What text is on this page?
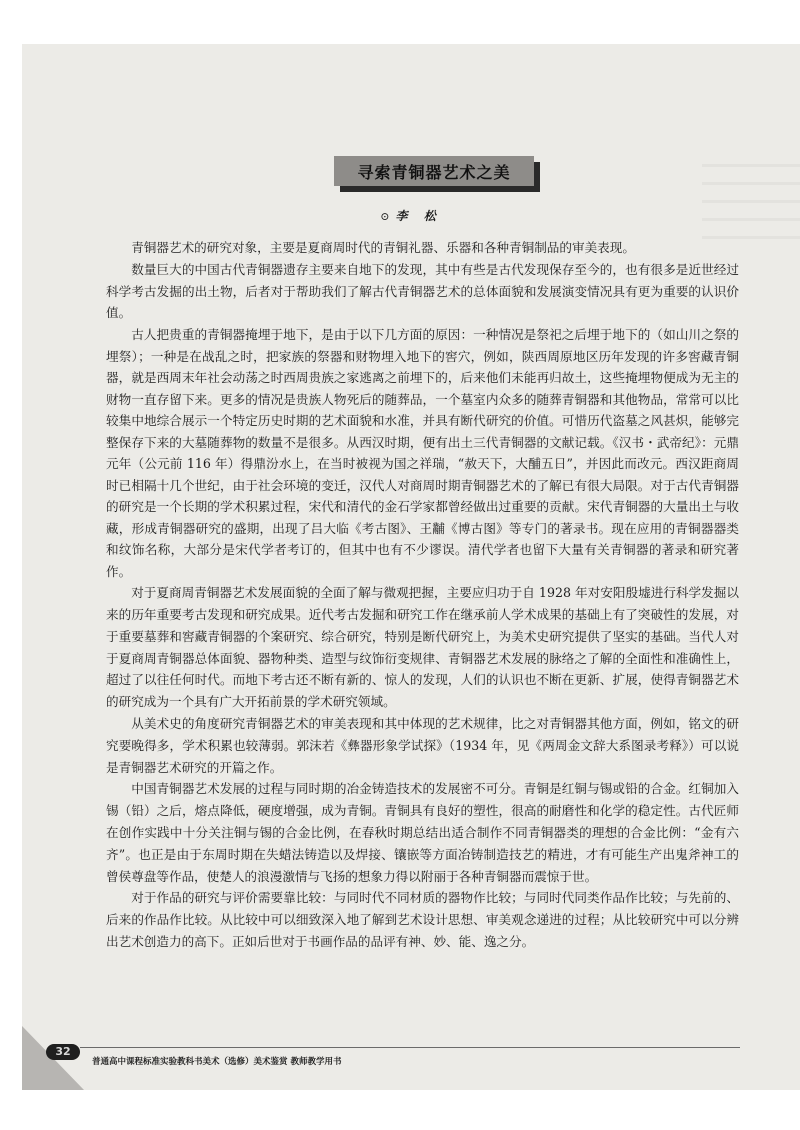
寻索青铜器艺术之美
⊙ 李 松

青铜器艺术的研究对象，主要是夏商周时代的青铜礼器、乐器和各种青铜制品的审美表现。

数量巨大的中国古代青铜器遗存主要来自地下的发现，其中有些是古代发现保存至今的，也有很多是近世经过科学考古发掘的出土物，后者对于帮助我们了解古代青铜器艺术的总体面貌和发展演变情况具有更为重要的认识价值。

古人把贵重的青铜器掩埋于地下，是由于以下几方面的原因：一种情况是祭祀之后埋于地下的（如山川之祭的埋祭）；一种是在战乱之时，把家族的祭器和财物埋入地下的窖穴，例如，陕西周原地区历年发现的许多窖藏青铜器，就是西周末年社会动荡之时西周贵族之家逃离之前埋下的，后来他们未能再归故土，这些掩埋物便成为无主的财物一直存留下来。更多的情况是贵族人物死后的随葬品，一个墓室内众多的随葬青铜器和其他物品，常常可以比较集中地综合展示一个特定历史时期的艺术面貌和水准，并具有断代研究的价值。可惜历代盗墓之风甚炽，能够完整保存下来的大墓随葬物的数量不是很多。从西汉时期，便有出土三代青铜器的文献记载。《汉书・武帝纪》：元鼎元年（公元前 116 年）得鼎汾水上，在当时被视为国之祥瑞，“赦天下，大酺五日”，并因此而改元。西汉距商周时已相隔十几个世纪，由于社会环境的变迁，汉代人对商周时期青铜器艺术的了解已有很大局限。对于古代青铜器的研究是一个长期的学术积累过程，宋代和清代的金石学家都曾经做出过重要的贡献。宋代青铜器的大量出土与收藏，形成青铜器研究的盛期，出现了吕大临《考古图》、王黼《博古图》等专门的著录书。现在应用的青铜器器类和纹饰名称，大部分是宋代学者考订的，但其中也有不少谬误。清代学者也留下大量有关青铜器的著录和研究著作。

对于夏商周青铜器艺术发展面貌的全面了解与微观把握，主要应归功于自 1928 年对安阳殷墟进行科学发掘以来的历年重要考古发现和研究成果。近代考古发掘和研究工作在继承前人学术成果的基础上有了突破性的发展，对于重要墓葬和窖藏青铜器的个案研究、综合研究，特别是断代研究上，为美术史研究提供了坚实的基础。当代人对于夏商周青铜器总体面貌、器物种类、造型与纹饰衍变规律、青铜器艺术发展的脉络之了解的全面性和准确性上，超过了以往任何时代。而地下考古还不断有新的、惊人的发现，人们的认识也不断在更新、扩展，使得青铜器艺术的研究成为一个具有广大开拓前景的学术研究领域。

从美术史的角度研究青铜器艺术的审美表现和其中体现的艺术规律，比之对青铜器其他方面，例如，铭文的研究要晚得多，学术积累也较薄弱。郭沫若《彝器形象学试探》（1934 年，见《两周金文辞大系图录考释》）可以说是青铜器艺术研究的开篇之作。

中国青铜器艺术发展的过程与同时期的冶金铸造技术的发展密不可分。青铜是红铜与锡或铅的合金。红铜加入锡（铅）之后，熔点降低，硬度增强，成为青铜。青铜具有良好的塑性，很高的耐磨性和化学的稳定性。古代匠师在创作实践中十分关注铜与锡的合金比例，在春秋时期总结出适合制作不同青铜器类的理想的合金比例：“金有六齐”。也正是由于东周时期在失蜡法铸造以及焊接、镶嵌等方面冶铸制造技艺的精进，才有可能生产出鬼斧神工的曾侯尊盘等作品，使楚人的浪漫激情与飞扬的想象力得以附丽于各种青铜器而震惊于世。

对于作品的研究与评价需要靠比较：与同时代不同材质的器物作比较；与同时代同类作品作比较；与先前的、后来的作品作比较。从比较中可以细致深入地了解到艺术设计思想、审美观念递进的过程；从比较研究中可以分辨出艺术创造力的高下。正如后世对于书画作品的品评有神、妙、能、逸之分。

32
普通高中课程标准实验教科书美术（选修）美术鉴赏 教师教学用书
